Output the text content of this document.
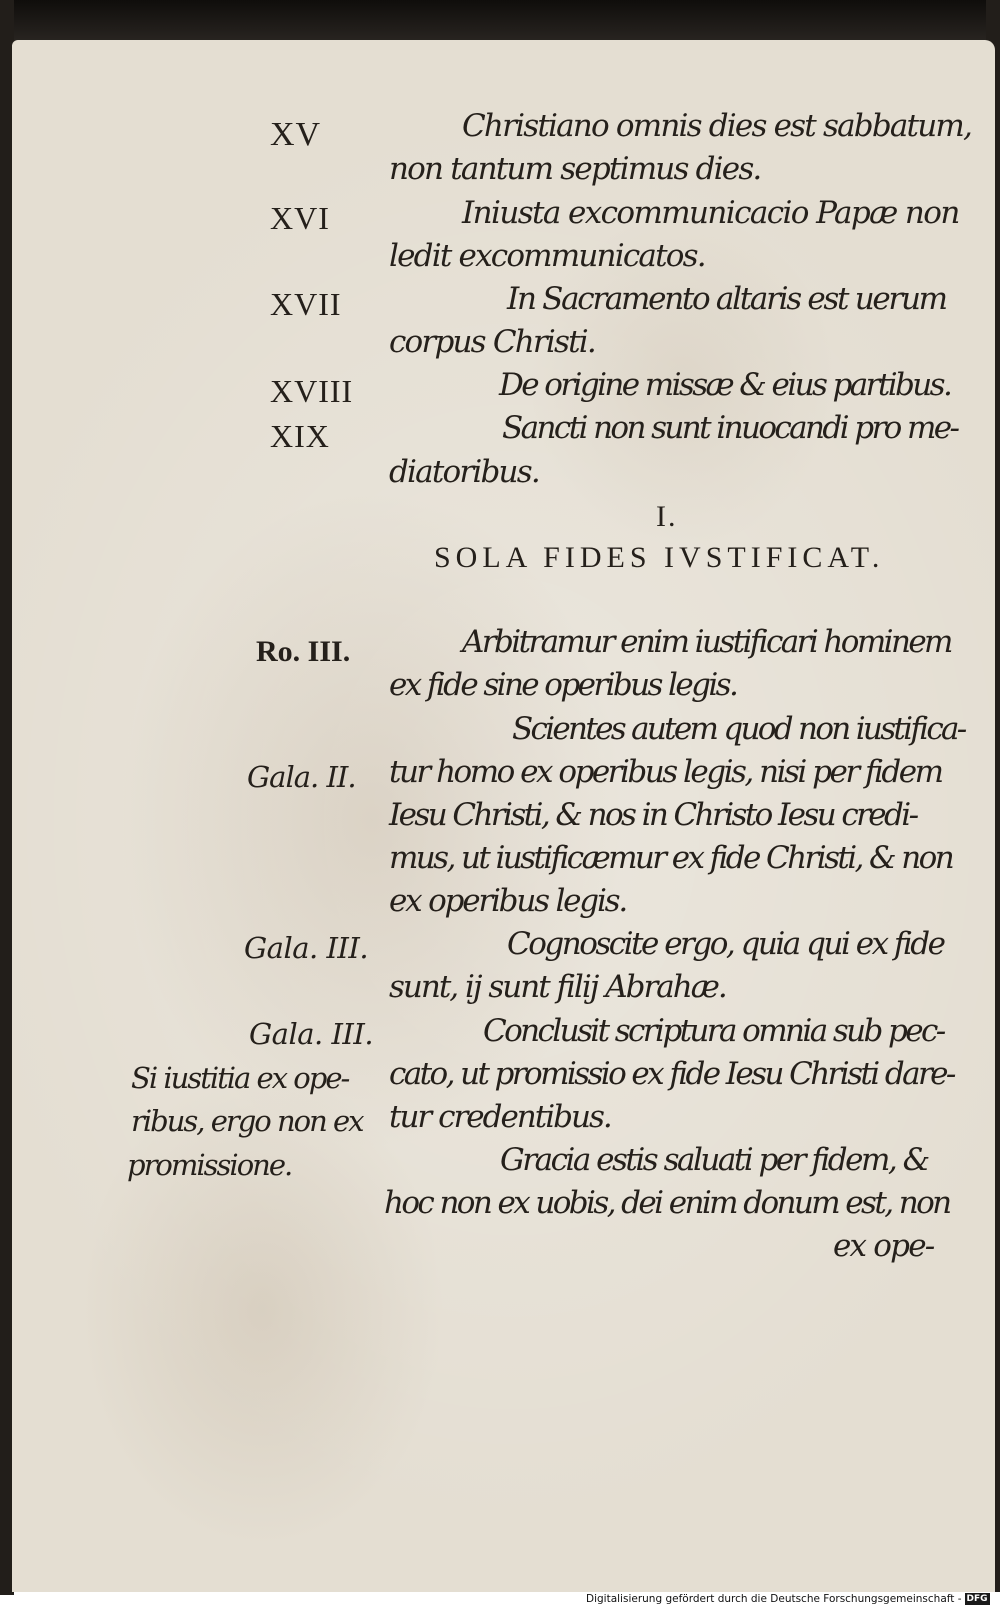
XV
XVI
XVII
XVIII
XIX
Christiano omnis dies est sabbatum,
non tantum septimus dies.
Iniusta excommunicacio Papæ non
ledit excommunicatos.
In Sacramento altaris est uerum
corpus Christi.
De origine missæ & eius partibus.
Sancti non sunt inuocandi pro me-
diatoribus.
I.
SOLA FIDES IVSTIFICAT.
Arbitramur enim iustificari hominem
ex fide sine operibus legis.
Scientes autem quod non iustifica-
tur homo ex operibus legis, nisi per fidem
Iesu Christi, & nos in Christo Iesu credi-
mus, ut iustificæmur ex fide Christi, & non
ex operibus legis.
Cognoscite ergo, quia qui ex fide
sunt, ij sunt filij Abrahæ.
Conclusit scriptura omnia sub pec-
cato, ut promissio ex fide Iesu Christi dare-
tur credentibus.
Gracia estis saluati per fidem, &
hoc non ex uobis, dei enim donum est, non
ex ope-
Ro. III.
Gala. II.
Gala. III.
Gala. III.
Si iustitia ex ope-
ribus, ergo non ex
promissione.
Digitalisierung gefördert durch die Deutsche Forschungsgemeinschaft - DFG
